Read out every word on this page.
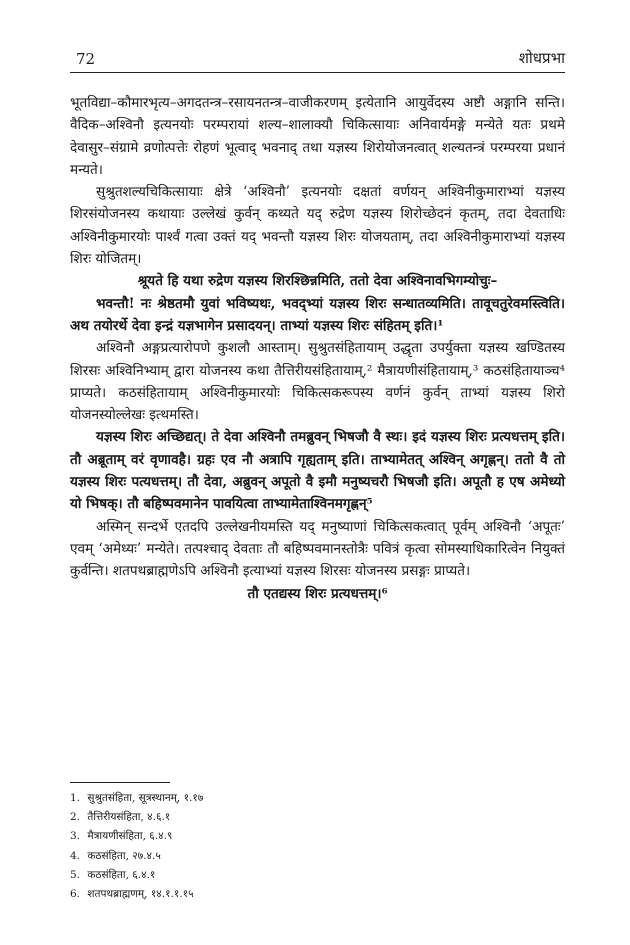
72	शोधप्रभा

भूतविद्या–कौमारभृत्य–अगदतन्त्र–रसायनतन्त्र–वाजीकरणम् इत्येतानि आयुर्वेदस्य अष्टौ अङ्गानि सन्ति। वैदिक–अश्विनौ इत्यनयोः परम्परायां शल्य–शालाक्यौ चिकित्सायाः अनिवार्यमङ्गे मन्येते यतः प्रथमे देवासुर–संग्रामे व्रणोत्पत्तेः रोहणं भूत्वाद् भवनाद् तथा यज्ञस्य शिरोयोजनत्वात् शल्यतन्त्रं परम्परया प्रधानं मन्यते।

सुश्रुतशल्यचिकित्सायाः क्षेत्रे ‘अश्विनौ’ इत्यनयोः दक्षतां वर्णयन् अश्विनीकुमाराभ्यां यज्ञस्य शिरसंयोजनस्य कथायाः उल्लेखं कुर्वन् कथ्यते यद् रुद्रेण यज्ञस्य शिरोच्छेदनं कृतम्, तदा देवताधिः अश्विनीकुमारयोः पार्श्वं गत्वा उक्तं यद् भवन्तौ यज्ञस्य शिरः योजयताम्, तदा अश्विनीकुमाराभ्यां यज्ञस्य शिरः योजितम्।

श्रूयते हि यथा रुद्रेण यज्ञस्य शिरश्छिन्नमिति, ततो देवा अश्विनावभिगम्योचुः–

भवन्तौ! नः श्रेष्ठतमौ युवां भविष्यथः, भवद्भ्यां यज्ञस्य शिरः सन्धातव्यमिति। तावूचतुरेवमस्त्विति। अथ तयोरर्थे देवा इन्द्रं यज्ञभागेन प्रसादयन्। ताभ्यां यज्ञस्य शिरः संहितम् इति।¹

अश्विनौ अङ्गप्रत्यारोपणे कुशलौ आस्ताम्। सुश्रुतसंहितायाम् उद्धृता उपर्युक्ता यज्ञस्य खण्डितस्य शिरसः अश्विनिभ्याम् द्वारा योजनस्य कथा तैत्तिरीयसंहितायाम्,² मैत्रायणीसंहितायाम्,³ कठसंहितायाञ्च⁴ प्राप्यते। कठसंहितायाम् अश्विनीकुमारयोः चिकित्सकरूपस्य वर्णनं कुर्वन् ताभ्यां यज्ञस्य शिरो योजनस्योल्लेखः इत्थमस्ति।

यज्ञस्य शिरः अच्छिद्यत्। ते देवा अश्विनौ तमब्रुवन् भिषजौ वै स्थः। इदं यज्ञस्य शिरः प्रत्यधत्तम् इति। तौ अब्रूताम् वरं वृणावहै। ग्रहः एव नौ अत्रापि गृह्यताम् इति। ताभ्यामेतत् अश्विन् अगृह्णन्। ततो वै तो यज्ञस्य शिरः पत्यधत्तम्। तौ देवा, अब्रुवन् अपूतो वै इमौ मनुष्यचरौ भिषजौ इति। अपूतौ ह एष अमेध्यो यो भिषक्। तौ बहिष्पवमानेन पावयित्वा ताभ्यामेताश्विनमगृह्णन्⁵

अस्मिन् सन्दर्भे एतदपि उल्लेखनीयमस्ति यद् मनुष्याणां चिकित्सकत्वात् पूर्वम् अश्विनौ ‘अपूतः’ एवम् ‘अमेध्यः’ मन्येते। तत्पश्चाद् देवताः तौ बहिष्पवमानस्तोत्रैः पवित्रं कृत्वा सोमस्याधिकारित्वेन नियुक्तं कुर्वन्ति। शतपथब्राह्मणेऽपि अश्विनौ इत्याभ्यां यज्ञस्य शिरसः योजनस्य प्रसङ्गः प्राप्यते।

तौ एतद्यस्य शिरः प्रत्यधत्तम्।⁶

1. सुश्रुतसंहिता, सूत्रस्थानम्, १.१७
2. तैत्तिरीयसंहिता, ४.६.१
3. मैत्रायणीसंहिता, ६.४.९
4. कठसंहिता, २७.४.५
5. कठसंहिता, ६.४.१
6. शतपथब्राह्मणम्, १४.१.१.१५
